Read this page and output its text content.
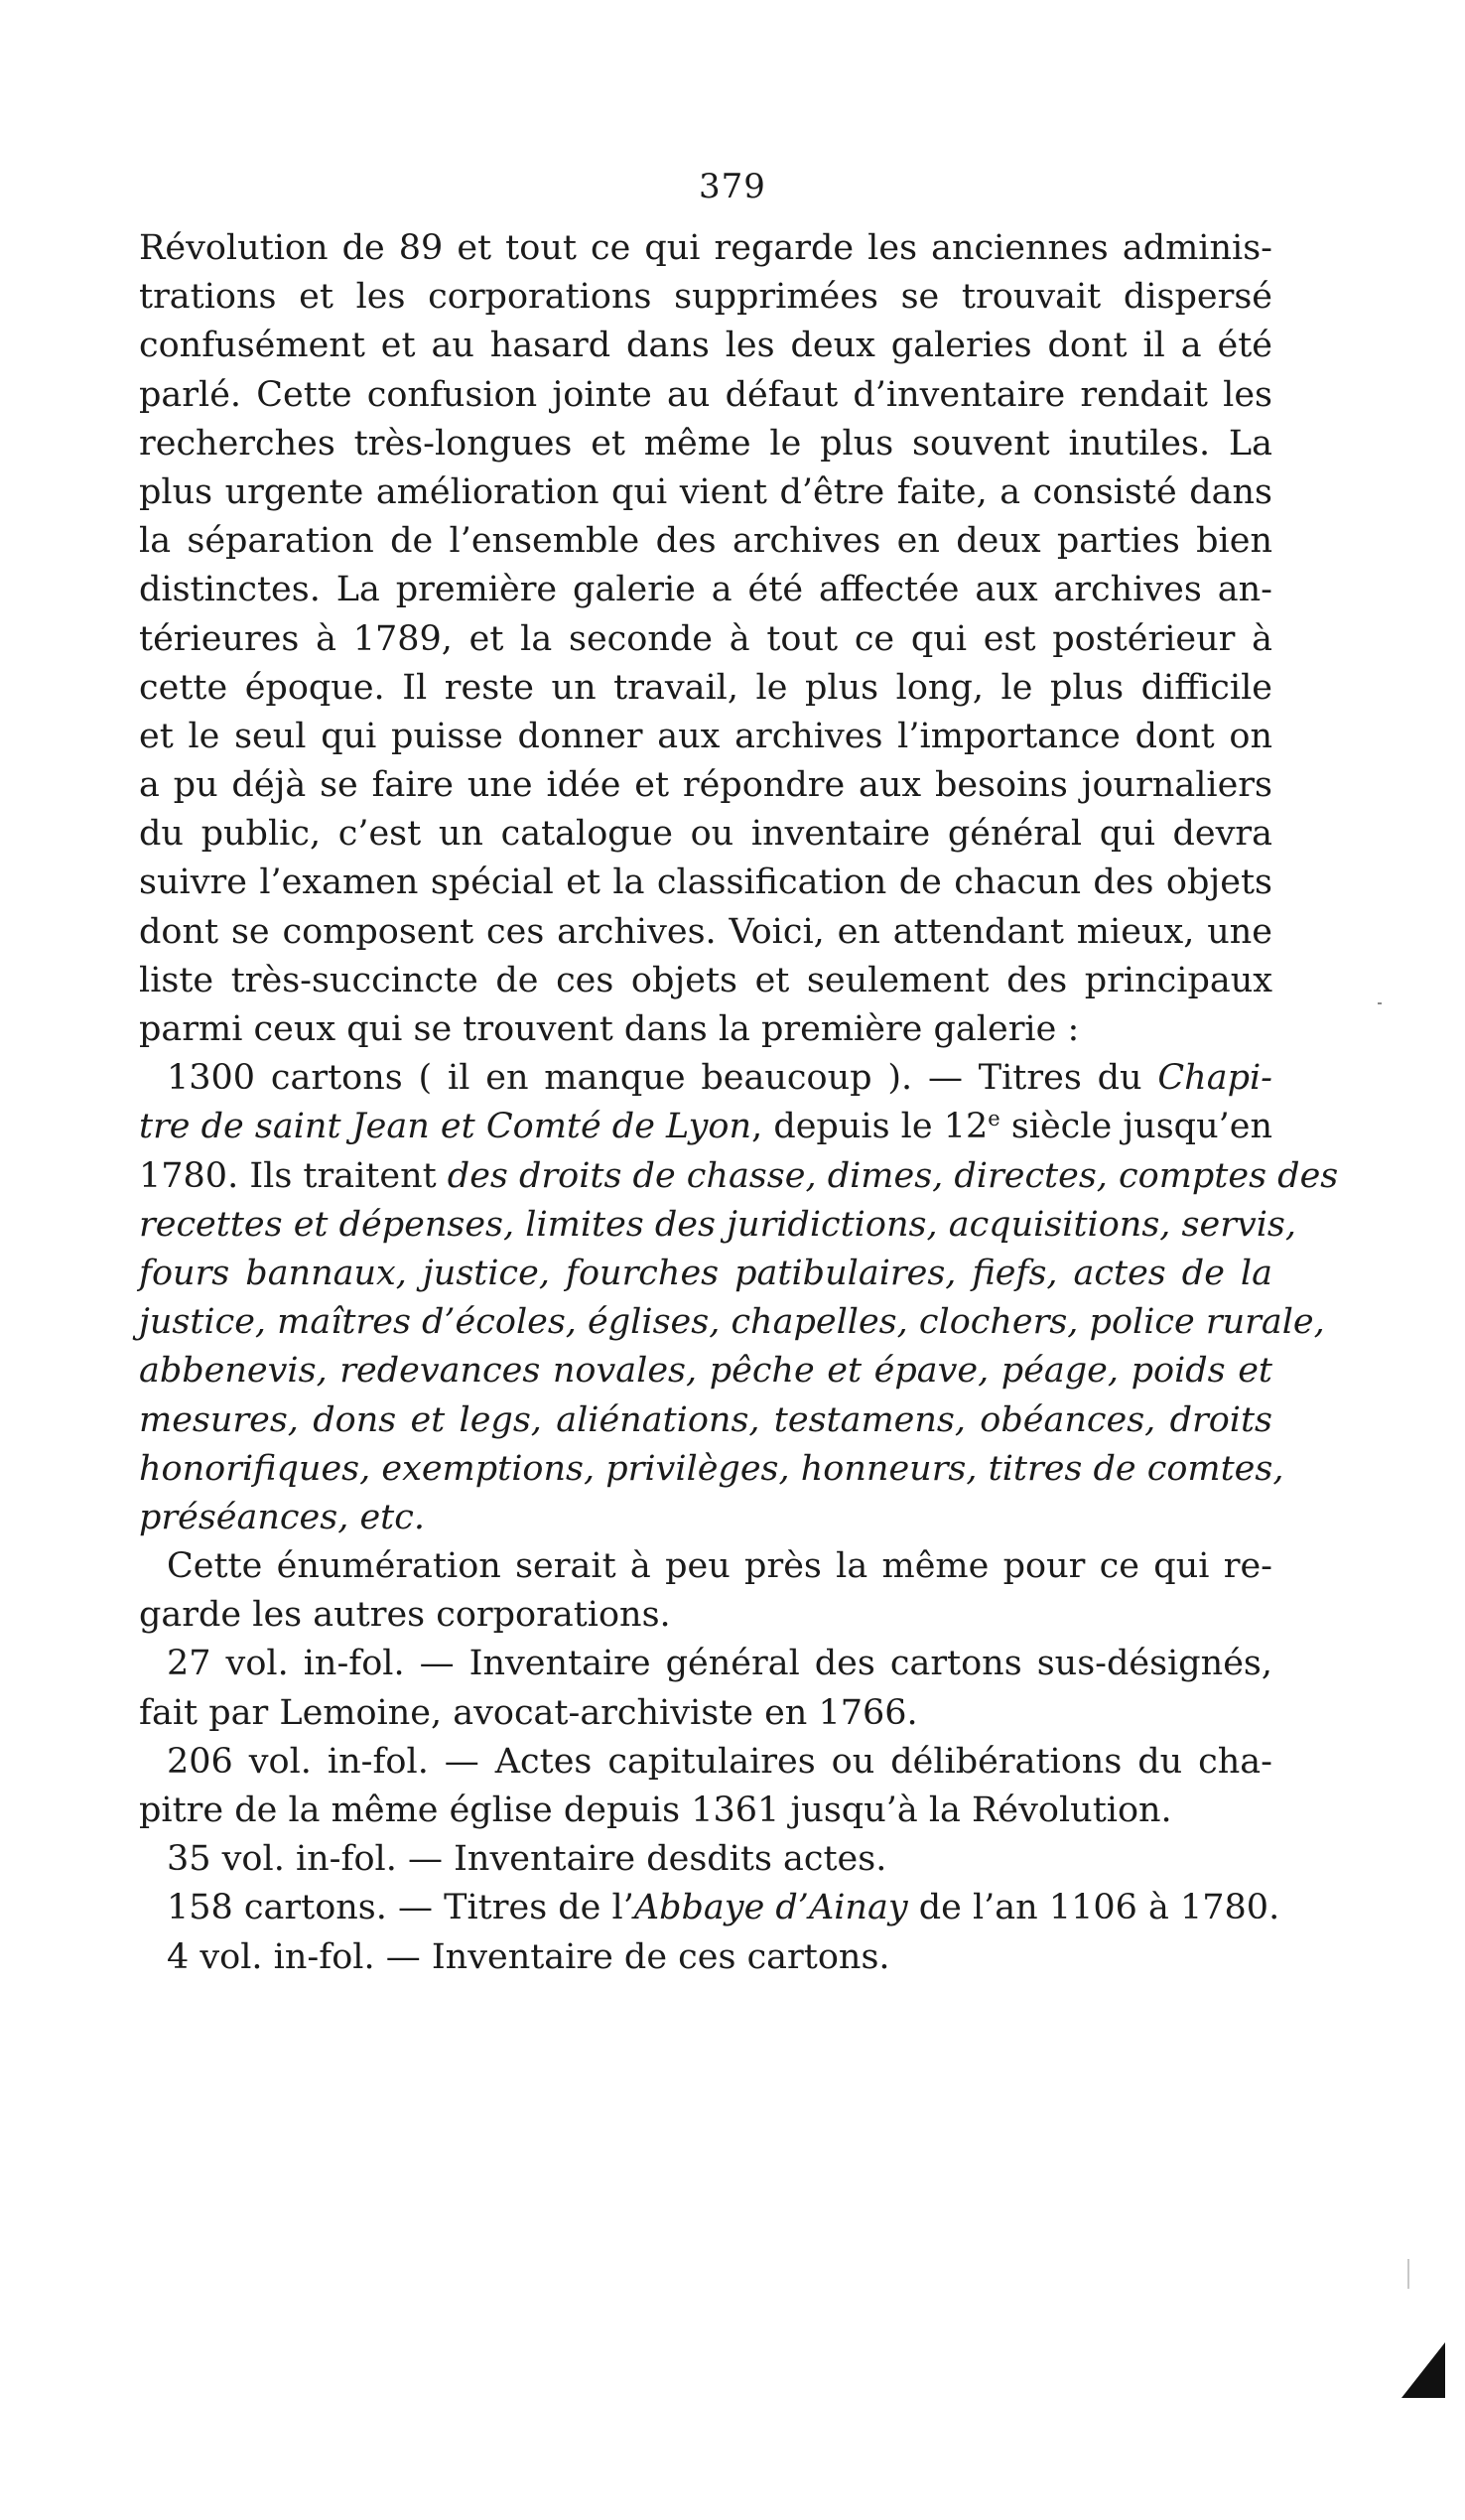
379
Révolution de 89 et tout ce qui regarde les anciennes adminis-
trations et les corporations supprimées se trouvait dispersé
confusément et au hasard dans les deux galeries dont il a été
parlé. Cette confusion jointe au défaut d’inventaire rendait les
recherches très-longues et même le plus souvent inutiles. La
plus urgente amélioration qui vient d’être faite, a consisté dans
la séparation de l’ensemble des archives en deux parties bien
distinctes. La première galerie a été affectée aux archives an-
térieures à 1789, et la seconde à tout ce qui est postérieur à
cette époque. Il reste un travail, le plus long, le plus difficile
et le seul qui puisse donner aux archives l’importance dont on
a pu déjà se faire une idée et répondre aux besoins journaliers
du public, c’est un catalogue ou inventaire général qui devra
suivre l’examen spécial et la classification de chacun des objets
dont se composent ces archives. Voici, en attendant mieux, une
liste très-succincte de ces objets et seulement des principaux
parmi ceux qui se trouvent dans la première galerie :
1300 cartons ( il en manque beaucoup ). — Titres du Chapi-
tre de saint Jean et Comté de Lyon, depuis le 12e siècle jusqu’en
1780. Ils traitent des droits de chasse, dimes, directes, comptes des
recettes et dépenses, limites des juridictions, acquisitions, servis,
fours bannaux, justice, fourches patibulaires, fiefs, actes de la
justice, maîtres d’écoles, églises, chapelles, clochers, police rurale,
abbenevis, redevances novales, pêche et épave, péage, poids et
mesures, dons et legs, aliénations, testamens, obéances, droits
honorifiques, exemptions, privilèges, honneurs, titres de comtes,
préséances, etc.
Cette énumération serait à peu près la même pour ce qui re-
garde les autres corporations.
27 vol. in-fol. — Inventaire général des cartons sus-désignés,
fait par Lemoine, avocat-archiviste en 1766.
206 vol. in-fol. — Actes capitulaires ou délibérations du cha-
pitre de la même église depuis 1361 jusqu’à la Révolution.
35 vol. in-fol. — Inventaire desdits actes.
158 cartons. — Titres de l’Abbaye d’Ainay de l’an 1106 à 1780.
4 vol. in-fol. — Inventaire de ces cartons.
